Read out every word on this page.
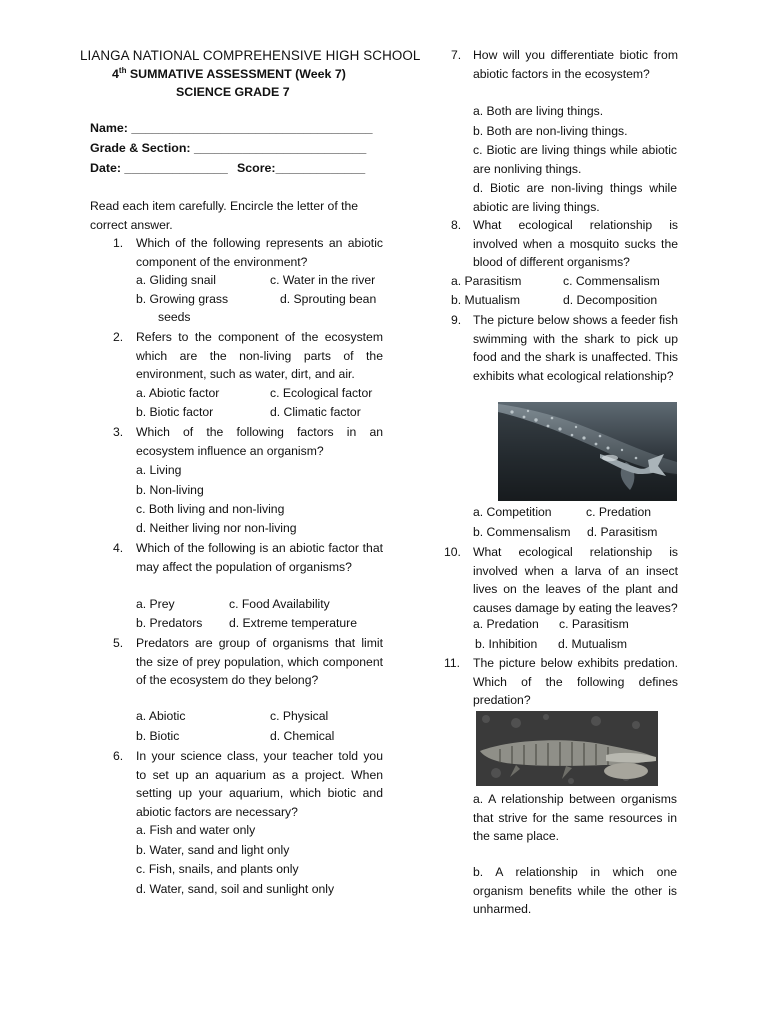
LIANGA NATIONAL COMPREHENSIVE HIGH SCHOOL
4th SUMMATIVE ASSESSMENT (Week 7)
SCIENCE GRADE 7
Name: ___________________________________
Grade & Section: _________________________
Date: _______________ Score:_____________
Read each item carefully. Encircle the letter of the correct answer.
1. Which of the following represents an abiotic component of the environment?
a. Gliding snail	c. Water in the river
b. Growing grass	d. Sprouting bean
seeds
2. Refers to the component of the ecosystem which are the non-living parts of the environment, such as water, dirt, and air.
a. Abiotic factor	c. Ecological factor
b. Biotic factor	d. Climatic factor
3. Which of the following factors in an ecosystem influence an organism?
a. Living
b. Non-living
c. Both living and non-living
d. Neither living nor non-living
4. Which of the following is an abiotic factor that may affect the population of organisms?
a. Prey	c. Food Availability
b. Predators d. Extreme temperature
5. Predators are group of organisms that limit the size of prey population, which component of the ecosystem do they belong?
a. Abiotic	c. Physical
b. Biotic	d. Chemical
6. In your science class, your teacher told you to set up an aquarium as a project. When setting up your aquarium, which biotic and abiotic factors are necessary?
a. Fish and water only
b. Water, sand and light only
c. Fish, snails, and plants only
d. Water, sand, soil and sunlight only
7. How will you differentiate biotic from abiotic factors in the ecosystem?
a. Both are living things.
b. Both are non-living things.
c. Biotic are living things while abiotic are nonliving things.
d. Biotic are non-living things while abiotic are living things.
8. What ecological relationship is involved when a mosquito sucks the blood of different organisms?
a. Parasitism	c. Commensalism
b. Mutualism	d. Decomposition
9. The picture below shows a feeder fish swimming with the shark to pick up food and the shark is unaffected. This exhibits what ecological relationship?
a. Competition	c. Predation
b. Commensalism d. Parasitism
10. What ecological relationship is involved when a larva of an insect lives on the leaves of the plant and causes damage by eating the leaves?
a. Predation c. Parasitism
b. Inhibition d. Mutualism
11. The picture below exhibits predation. Which of the following defines predation?
a. A relationship between organisms that strive for the same resources in the same place.
b. A relationship in which one organism benefits while the other is unharmed.
